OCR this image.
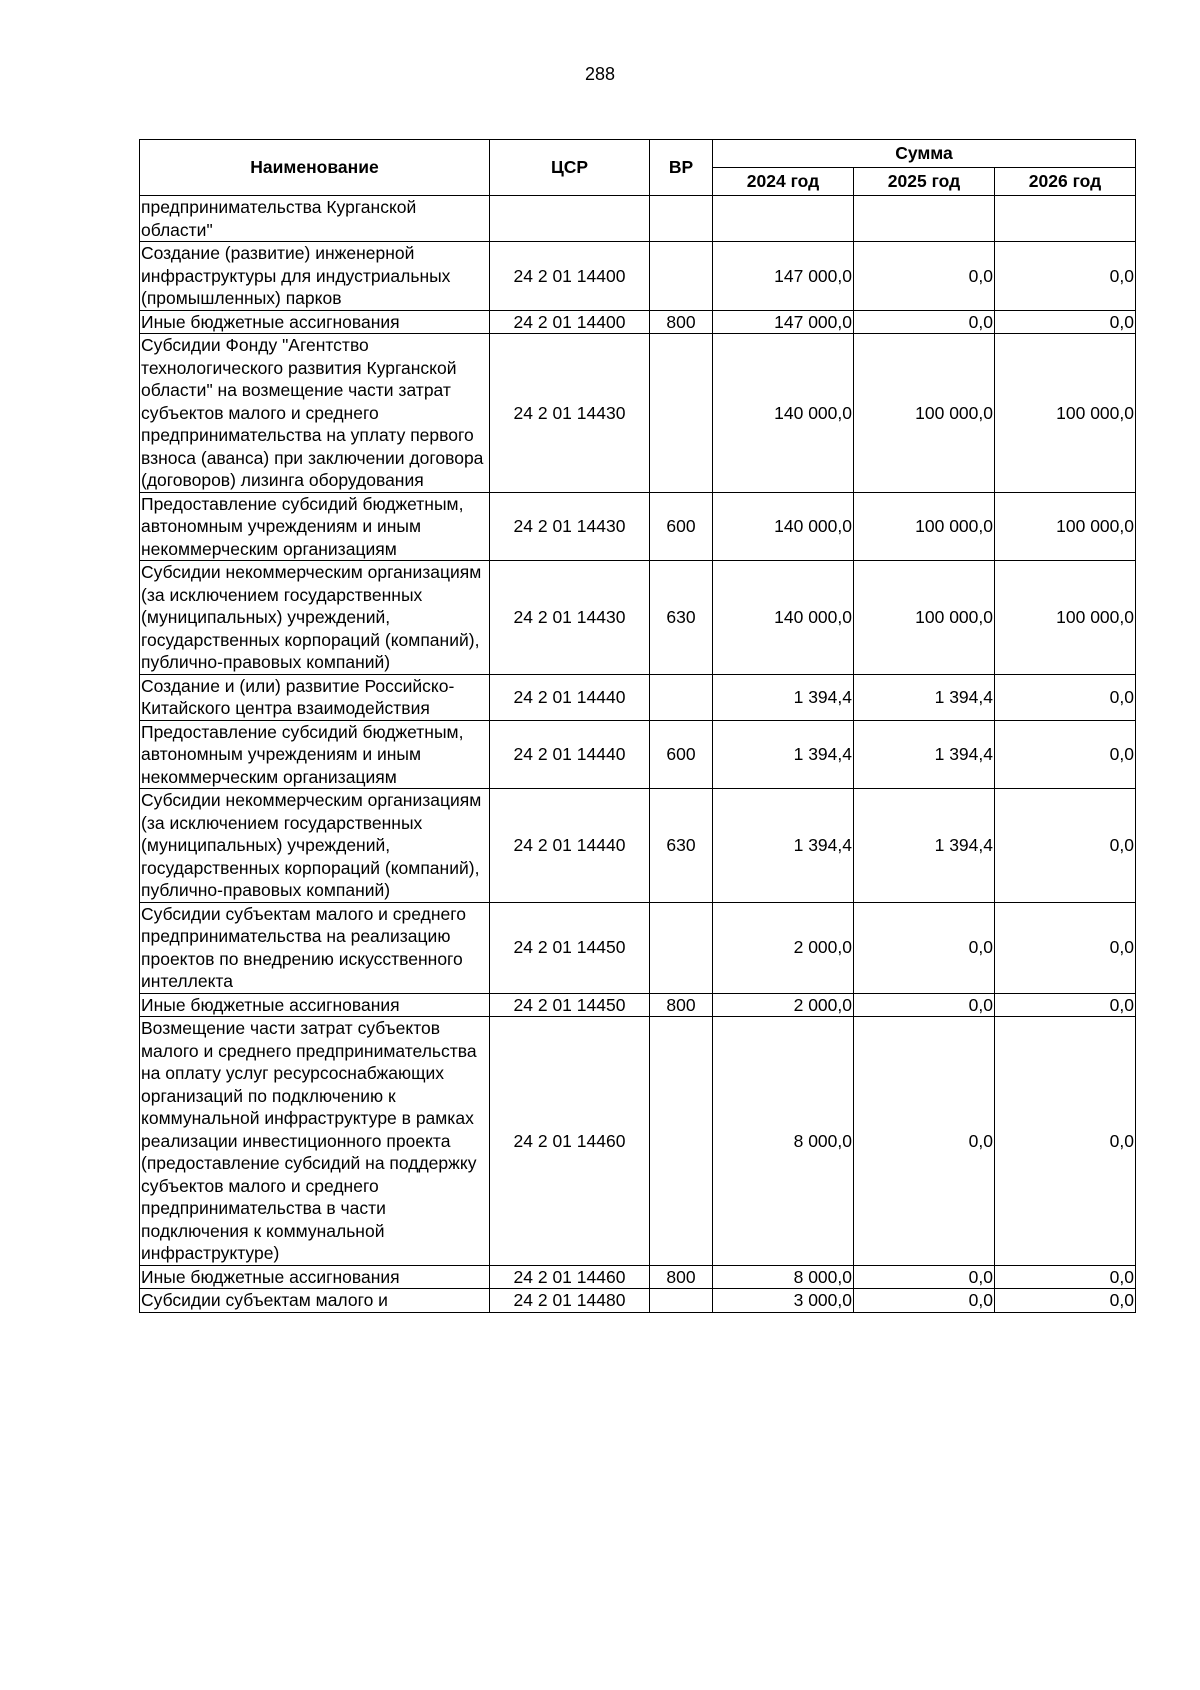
288
Наименование	ЦСР	ВР	Сумма		
			2024 год	2025 год	2026 год
предпринимательства Курганской области"					
Создание (развитие) инженерной инфраструктуры для индустриальных (промышленных) парков	24 2 01 14400		147 000,0	0,0	0,0
Иные бюджетные ассигнования	24 2 01 14400	800	147 000,0	0,0	0,0
Субсидии Фонду "Агентство технологического развития Курганской области" на возмещение части затрат субъектов малого и среднего предпринимательства на уплату первого взноса (аванса) при заключении договора (договоров) лизинга оборудования	24 2 01 14430		140 000,0	100 000,0	100 000,0
Предоставление субсидий бюджетным, автономным учреждениям и иным некоммерческим организациям	24 2 01 14430	600	140 000,0	100 000,0	100 000,0
Субсидии некоммерческим организациям (за исключением государственных (муниципальных) учреждений, государственных корпораций (компаний), публично-правовых компаний)	24 2 01 14430	630	140 000,0	100 000,0	100 000,0
Создание и (или) развитие Российско-Китайского центра взаимодействия	24 2 01 14440		1 394,4	1 394,4	0,0
Предоставление субсидий бюджетным, автономным учреждениям и иным некоммерческим организациям	24 2 01 14440	600	1 394,4	1 394,4	0,0
Субсидии некоммерческим организациям (за исключением государственных (муниципальных) учреждений, государственных корпораций (компаний), публично-правовых компаний)	24 2 01 14440	630	1 394,4	1 394,4	0,0
Субсидии субъектам малого и среднего предпринимательства на реализацию проектов по внедрению искусственного интеллекта	24 2 01 14450		2 000,0	0,0	0,0
Иные бюджетные ассигнования	24 2 01 14450	800	2 000,0	0,0	0,0
Возмещение части затрат субъектов малого и среднего предпринимательства на оплату услуг ресурсоснабжающих организаций по подключению к коммунальной инфраструктуре в рамках реализации инвестиционного проекта (предоставление субсидий на поддержку субъектов малого и среднего предпринимательства в части подключения к коммунальной инфраструктуре)	24 2 01 14460		8 000,0	0,0	0,0
Иные бюджетные ассигнования	24 2 01 14460	800	8 000,0	0,0	0,0
Субсидии субъектам малого и	24 2 01 14480		3 000,0	0,0	0,0
